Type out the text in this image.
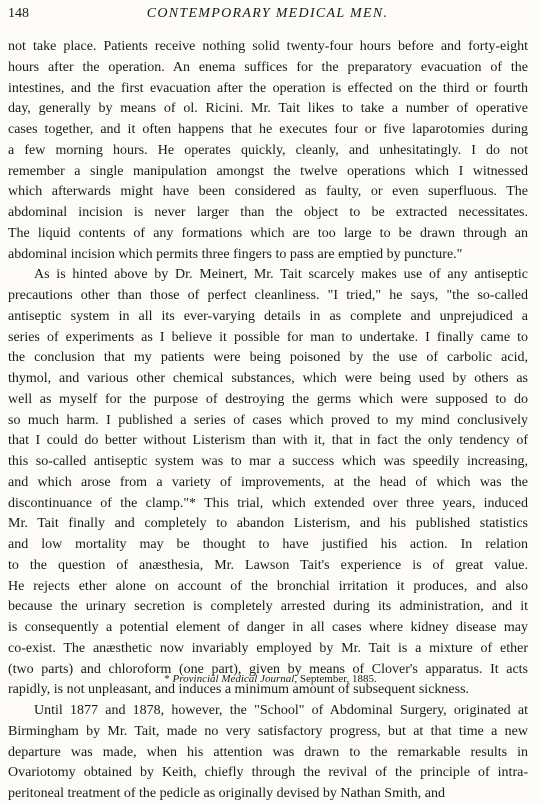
148	CONTEMPORARY MEDICAL MEN.
not take place. Patients receive nothing solid twenty-four hours before and forty-eight
hours after the operation. An enema suffices for the preparatory evacuation of the
intestines, and the first evacuation after the operation is effected on the third or fourth
day, generally by means of ol. Ricini. Mr. Tait likes to take a number of operative
cases together, and it often happens that he executes four or five laparotomies during
a few morning hours. He operates quickly, cleanly, and unhesitatingly. I do not
remember a single manipulation amongst the twelve operations which I witnessed
which afterwards might have been considered as faulty, or even superfluous. The
abdominal incision is never larger than the object to be extracted necessitates.
The liquid contents of any formations which are too large to be drawn through an
abdominal incision which permits three fingers to pass are emptied by puncture."
As is hinted above by Dr. Meinert, Mr. Tait scarcely makes use of any antiseptic
precautions other than those of perfect cleanliness. "I tried," he says, "the so-called
antiseptic system in all its ever-varying details in as complete and unprejudiced a
series of experiments as I believe it possible for man to undertake. I finally came to
the conclusion that my patients were being poisoned by the use of carbolic acid,
thymol, and various other chemical substances, which were being used by others as
well as myself for the purpose of destroying the germs which were supposed to do
so much harm. I published a series of cases which proved to my mind conclusively
that I could do better without Listerism than with it, that in fact the only tendency of
this so-called antiseptic system was to mar a success which was speedily increasing,
and which arose from a variety of improvements, at the head of which was the
discontinuance of the clamp."* This trial, which extended over three years, induced
Mr. Tait finally and completely to abandon Listerism, and his published statistics
and low mortality may be thought to have justified his action. In relation
to the question of anæsthesia, Mr. Lawson Tait's experience is of great value.
He rejects ether alone on account of the bronchial irritation it produces, and also
because the urinary secretion is completely arrested during its administration, and it
is consequently a potential element of danger in all cases where kidney disease may
co-exist. The anæsthetic now invariably employed by Mr. Tait is a mixture of ether
(two parts) and chloroform (one part), given by means of Clover's apparatus. It acts
rapidly, is not unpleasant, and induces a minimum amount of subsequent sickness.
Until 1877 and 1878, however, the "School" of Abdominal Surgery, originated at
Birmingham by Mr. Tait, made no very satisfactory progress, but at that time a new
departure was made, when his attention was drawn to the remarkable results in
Ovariotomy obtained by Keith, chiefly through the revival of the principle of intra-
peritoneal treatment of the pedicle as originally devised by Nathan Smith, and
* Provincial Medical Journal, September, 1885.
